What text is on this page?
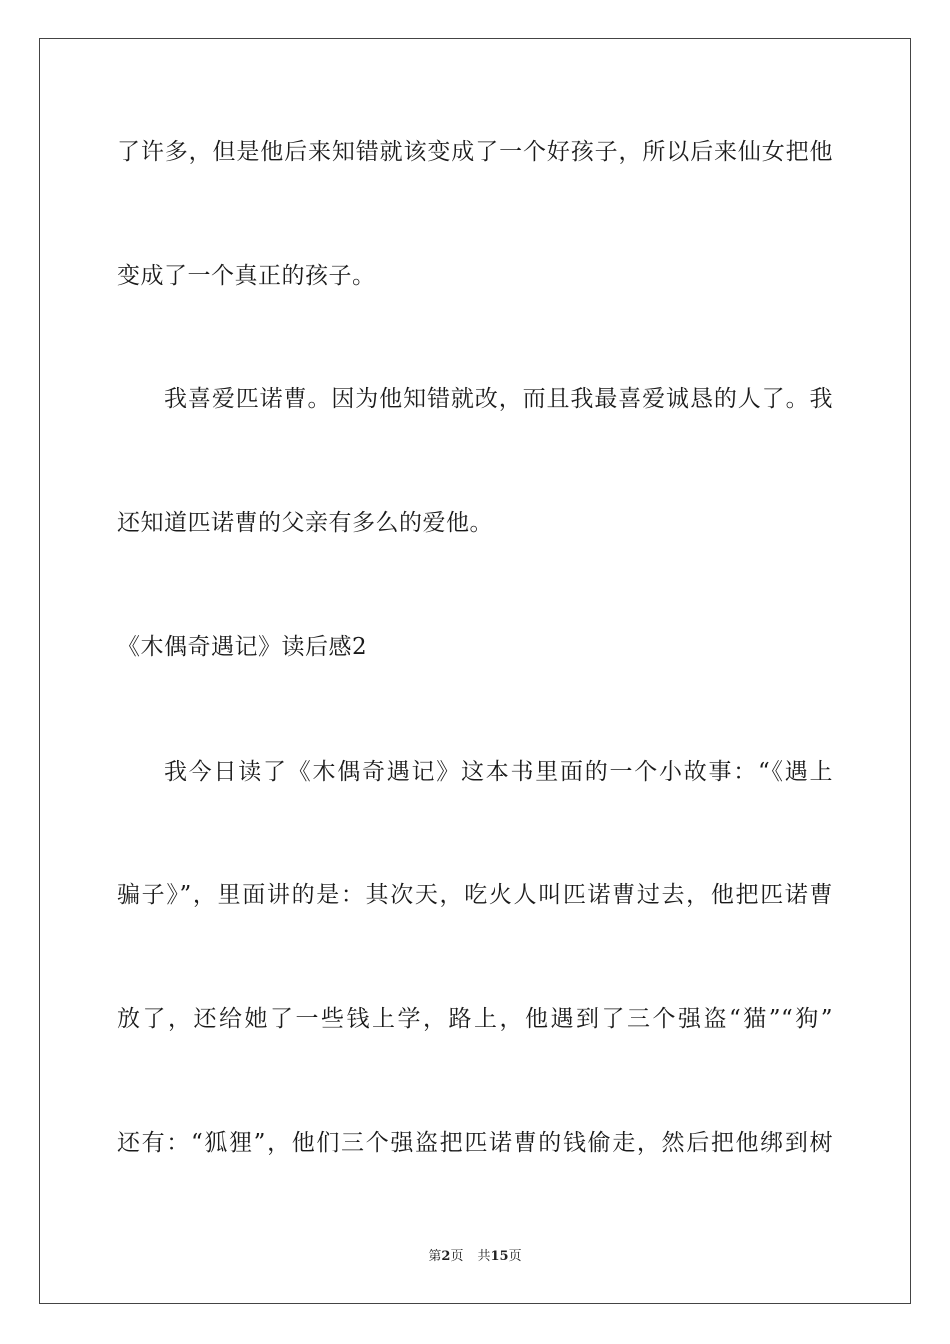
了许多，但是他后来知错就该变成了一个好孩子，所以后来仙女把他
变成了一个真正的孩子。
我喜爱匹诺曹。因为他知错就改，而且我最喜爱诚恳的人了。我
还知道匹诺曹的父亲有多么的爱他。
《木偶奇遇记》读后感2
我今日读了《木偶奇遇记》这本书里面的一个小故事：“《遇上
骗子》”，里面讲的是：其次天，吃火人叫匹诺曹过去，他把匹诺曹
放了，还给她了一些钱上学，路上，他遇到了三个强盗“猫”“狗”
还有：“狐狸”，他们三个强盗把匹诺曹的钱偷走，然后把他绑到树
第2页 共15页
